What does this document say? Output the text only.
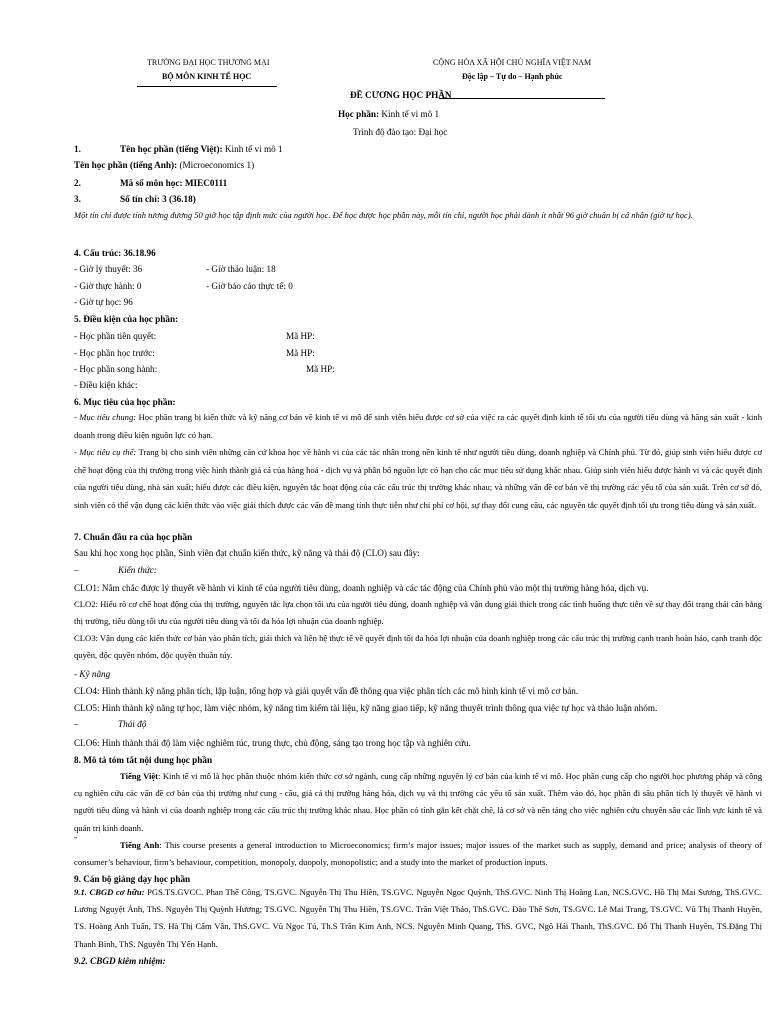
TRƯỜNG ĐẠI HỌC THƯƠNG MẠI
BỘ MÔN KINH TẾ HỌC
CỘNG HÒA XÃ HỘI CHỦ NGHĨA VIỆT NAM
Độc lập – Tự do – Hạnh phúc
ĐỀ CƯƠNG HỌC PHẦN
Học phần: Kinh tế vi mô 1
Trình độ đào tạo: Đại học
1.	Tên học phần (tiếng Việt): Kinh tế vi mô 1
Tên học phần (tiếng Anh): (Microeconomics 1)
2.	Mã số môn học: MIEC0111
3.	Số tín chỉ: 3 (36.18)
Một tín chỉ được tính tương đương 50 giờ học tập định mức của người học. Để học được học phần này, mỗi tín chỉ, người học phải dành ít nhất 96 giờ chuẩn bị cá nhân (giờ tự học).
4. Cấu trúc: 36.18.96
- Giờ lý thuyết: 36	- Giờ thảo luận: 18
- Giờ thực hành: 0	- Giờ báo cáo thực tế: 0
- Giờ tự học: 96
5. Điều kiện của học phần:
- Học phần tiên quyết:	Mã HP:
- Học phần học trước:	Mã HP:
- Học phần song hành:	Mã HP:
- Điều kiện khác:
6. Mục tiêu của học phần:
- Mục tiêu chung: Học phần trang bị kiến thức và kỹ năng cơ bản về kinh tế vi mô để sinh viên hiểu được cơ sở của việc ra các quyết định kinh tế tối ưu của người tiêu dùng và hãng sản xuất - kinh doanh trong điều kiện nguồn lực có hạn.
- Mục tiêu cụ thể: Trang bị cho sinh viên những căn cứ khoa học về hành vi của các tác nhân trong nền kinh tế như người tiêu dùng, doanh nghiệp và Chính phủ. Từ đó, giúp sinh viên hiểu được cơ chế hoạt động của thị trường trong việc hình thành giá cả của hàng hoá - dịch vụ và phân bổ nguồn lực có hạn cho các mục tiêu sử dụng khác nhau. Giúp sinh viên hiểu được hành vi và các quyết định của người tiêu dùng, nhà sản xuất; hiểu được các điều kiện, nguyên tắc hoạt động của các cấu trúc thị trường khác nhau; và những vấn đề cơ bản về thị trường các yếu tố của sản xuất. Trên cơ sở đó, sinh viên có thể vận dụng các kiến thức vào việc giải thích được các vấn đề mang tính thực tiễn như chi phí cơ hội, sự thay đổi cung cầu, các nguyên tắc quyết định tối ưu trong tiêu dùng và sản xuất.
7. Chuẩn đầu ra của học phần
Sau khi học xong học phần, Sinh viên đạt chuẩn kiến thức, kỹ năng và thái độ (CLO) sau đây:
–	Kiến thức:
CLO1: Nắm chắc được lý thuyết về hành vi kinh tế của người tiêu dùng, doanh nghiệp và các tác động của Chính phủ vào một thị trường hàng hóa, dịch vụ.
CLO2: Hiểu rõ cơ chế hoạt động của thị trường, nguyên tắc lựa chọn tối ưu của người tiêu dùng, doanh nghiệp và vận dụng giải thích trong các tình huống thực tiễn về sự thay đổi trạng thái cân bằng thị trường, tiêu dùng tối ưu của người tiêu dùng và tối đa hóa lợi nhuận của doanh nghiệp.
CLO3: Vận dụng các kiến thức cơ bản vào phân tích, giải thích và liên hệ thực tế về quyết định tối đa hóa lợi nhuận của doanh nghiệp trong các cấu trúc thị trường cạnh tranh hoàn hảo, cạnh tranh độc quyền, độc quyền nhóm, độc quyền thuần túy.
- Kỹ năng
CLO4: Hình thành kỹ năng phân tích, lập luận, tổng hợp và giải quyết vấn đề thông qua việc phân tích các mô hình kinh tế vi mô cơ bản.
CLO5: Hình thành kỹ năng tự học, làm việc nhóm, kỹ năng tìm kiếm tài liệu, kỹ năng giao tiếp, kỹ năng thuyết trình thông qua việc tự học và thảo luận nhóm.
–	Thái độ
CLO6: Hình thành thái độ làm việc nghiêm túc, trung thực, chủ động, sáng tạo trong học tập và nghiên cứu.
8. Mô tả tóm tắt nội dung học phần
Tiếng Việt: Kinh tế vi mô là học phần thuộc nhóm kiến thức cơ sở ngành, cung cấp những nguyên lý cơ bản của kinh tế vi mô. Học phần cung cấp cho người học phương pháp và công cụ nghiên cứu các vấn đề cơ bản của thị trường như cung - cầu, giá cả thị trường hàng hóa, dịch vụ và thị trường các yếu tố sản xuất. Thêm vào đó, học phần đi sâu phân tích lý thuyết về hành vi người tiêu dùng và hành vi của doanh nghiệp trong các cấu trúc thị trường khác nhau. Học phần có tính gắn kết chặt chẽ, là cơ sở và nền tảng cho việc nghiên cứu chuyên sâu các lĩnh vực kinh tế và quản trị kinh doanh.
-
Tiếng Anh: This course presents a general introduction to Microeconomics; firm’s major issues; major issues of the market such as supply, demand and price; analysis of theory of consumer’s behaviour, firm’s behaviour, competition, monopoly, duopoly, monopolistic; and a study into the market of production inputs.
9. Cán bộ giảng dạy học phần
9.1. CBGD cơ hữu: PGS.TS.GVCC. Phan Thế Công, TS.GVC. Nguyễn Thị Thu Hiền, TS.GVC. Nguyễn Ngọc Quỳnh, ThS.GVC. Ninh Thị Hoàng Lan, NCS.GVC. Hồ Thị Mai Sương, ThS.GVC. Lương Nguyệt Ánh, ThS. Nguyễn Thị Quỳnh Hương; TS.GVC. Nguyễn Thị Thu Hiền, TS.GVC. Trần Việt Thảo, ThS.GVC. Đào Thế Sơn, TS.GVC. Lê Mai Trang, TS.GVC. Vũ Thị Thanh Huyền, TS. Hoàng Anh Tuấn, TS. Hà Thị Cẩm Vân, ThS.GVC. Vũ Ngọc Tú, Th.S Trần Kim Anh, NCS. Nguyễn Minh Quang, ThS. GVC, Ngô Hải Thanh, ThS.GVC. Đỗ Thị Thanh Huyền, TS.Đặng Thị Thanh Bình, ThS. Nguyễn Thị Yến Hạnh.
9.2. CBGD kiêm nhiệm:
